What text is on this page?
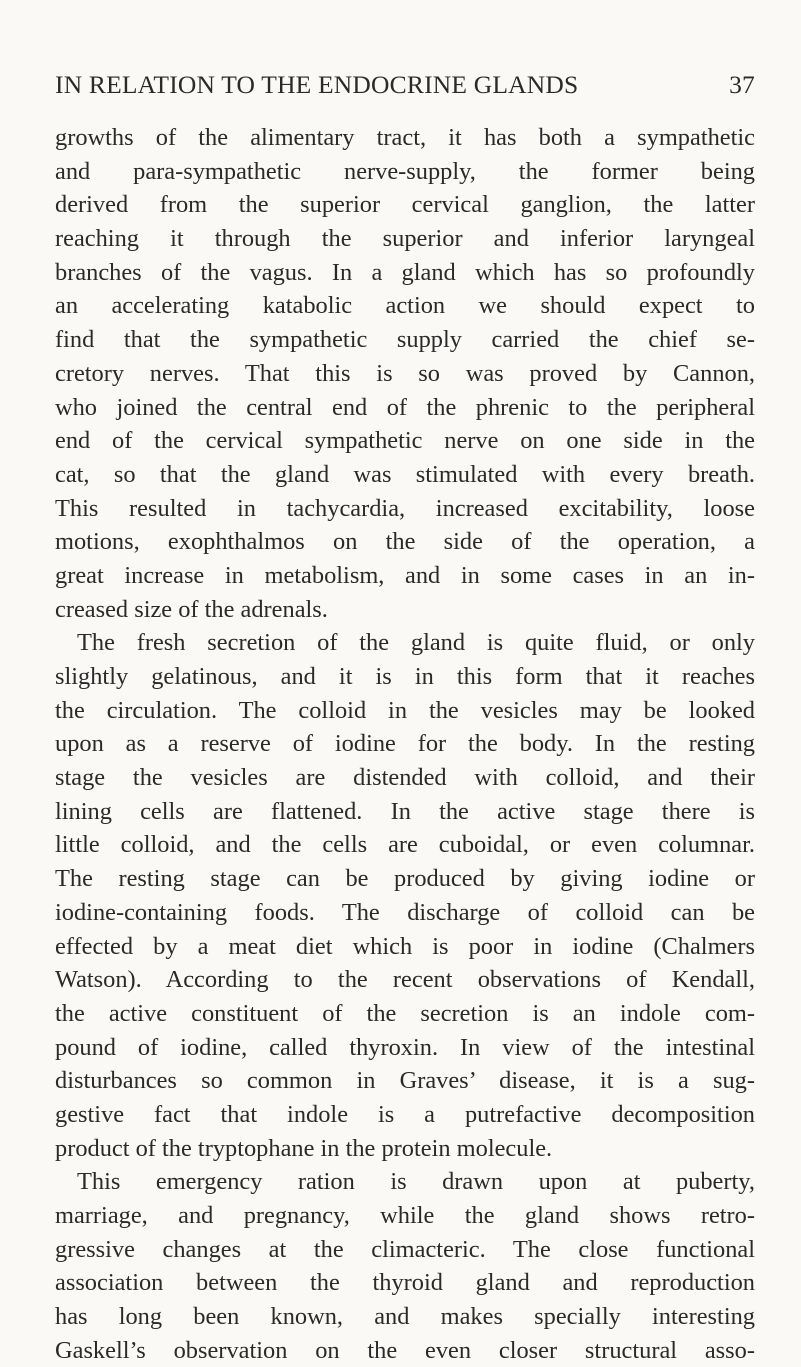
IN RELATION TO THE ENDOCRINE GLANDS	37
growths of the alimentary tract, it has both a sympathetic
and para-sympathetic nerve-supply, the former being
derived from the superior cervical ganglion, the latter
reaching it through the superior and inferior laryngeal
branches of the vagus. In a gland which has so profoundly
an accelerating katabolic action we should expect to
find that the sympathetic supply carried the chief se-
cretory nerves. That this is so was proved by Cannon,
who joined the central end of the phrenic to the peripheral
end of the cervical sympathetic nerve on one side in the
cat, so that the gland was stimulated with every breath.
This resulted in tachycardia, increased excitability, loose
motions, exophthalmos on the side of the operation, a
great increase in metabolism, and in some cases in an in-
creased size of the adrenals.
The fresh secretion of the gland is quite fluid, or only
slightly gelatinous, and it is in this form that it reaches
the circulation. The colloid in the vesicles may be looked
upon as a reserve of iodine for the body. In the resting
stage the vesicles are distended with colloid, and their
lining cells are flattened. In the active stage there is
little colloid, and the cells are cuboidal, or even columnar.
The resting stage can be produced by giving iodine or
iodine-containing foods. The discharge of colloid can be
effected by a meat diet which is poor in iodine (Chalmers
Watson). According to the recent observations of Kendall,
the active constituent of the secretion is an indole com-
pound of iodine, called thyroxin. In view of the intestinal
disturbances so common in Graves’ disease, it is a sug-
gestive fact that indole is a putrefactive decomposition
product of the tryptophane in the protein molecule.
This emergency ration is drawn upon at puberty,
marriage, and pregnancy, while the gland shows retro-
gressive changes at the climacteric. The close functional
association between the thyroid gland and reproduction
has long been known, and makes specially interesting
Gaskell’s observation on the even closer structural asso-
